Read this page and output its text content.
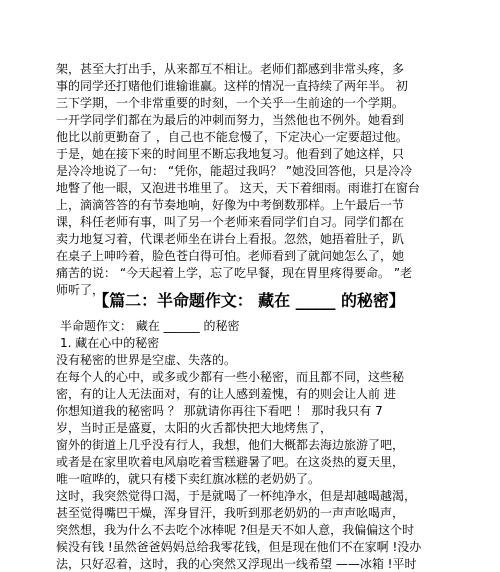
架，甚至大打出手，从来都互不相让。老师们都感到非常头疼，多
事的同学还打赌他们谁输谁赢。这样的情况一直持续了两年半。 初
三下学期，一个非常重要的时刻，一个关乎一生前途的一个学期。
一开学同学们都在为最后的冲刺而努力，当然他也不例外。她看到
他比以前更勤奋了 ，自己也不能怠慢了，下定决心一定要超过他。
于是，她在接下来的时间里不断忘我地复习。他看到了她这样，只
是冷冷地说了一句： “凭你，能超过我吗？ ”她没回答他，只是冷冷
地瞥了他一眼，又泡进书堆里了。 这天，天下着细雨。雨谁打在窗台
上，滴滴答答的有节奏地响，好像为中考倒数那样。上午最后一节
课，科任老师有事，叫了另一个老师来看同学们自习。同学们都在
卖力地复习着，代课老师坐在讲台上看报。忽然，她捂着肚子，趴
在桌子上呻吟着，脸色苍白得可怕。老师看到了就问她怎么了，她
痛苦的说： “今天起着上学，忘了吃早餐，现在胃里疼得要命。 ”老
师听了，
【篇二：半命题作文： 藏在 _____ 的秘密】
半命题作文： 藏在 ______ 的秘密
1. 藏在心中的秘密
没有秘密的世界是空虚、失落的。
在每个人的心中，或多或少都有一些小秘密，而且都不同，这些秘
密，有的让人无法面对，有的让人感到羞愧，有的则会让人前 进
你想知道我的秘密吗 ？ 那就请你再往下看吧 ！ 那时我只有 7
岁，当时正是盛夏，太阳的火舌都快把大地烤焦了，
窗外的街道上几乎没有行人，我想，他们大概都去海边旅游了吧，
或者是在家里吹着电风扇吃着雪糕避暑了吧。在这炎热的夏天里，
唯一喧哗的，就只有楼下卖红旗冰糕的老奶奶了。
这时，我突然觉得口渴，于是就喝了一杯纯净水，但是却越喝越渴，
甚至觉得嘴巴干燥，浑身冒汗，我听到那老奶奶的一声声吆喝声，
突然想，我为什么不去吃个冰棒呢 ?但是天不如人意，我偏偏这个时
候没有钱 !虽然爸爸妈妈总给我零花钱，但是现在他们不在家啊 !没办
法，只好忍着，这时，我的心突然又浮现出一线希望 ——冰箱 !平时
